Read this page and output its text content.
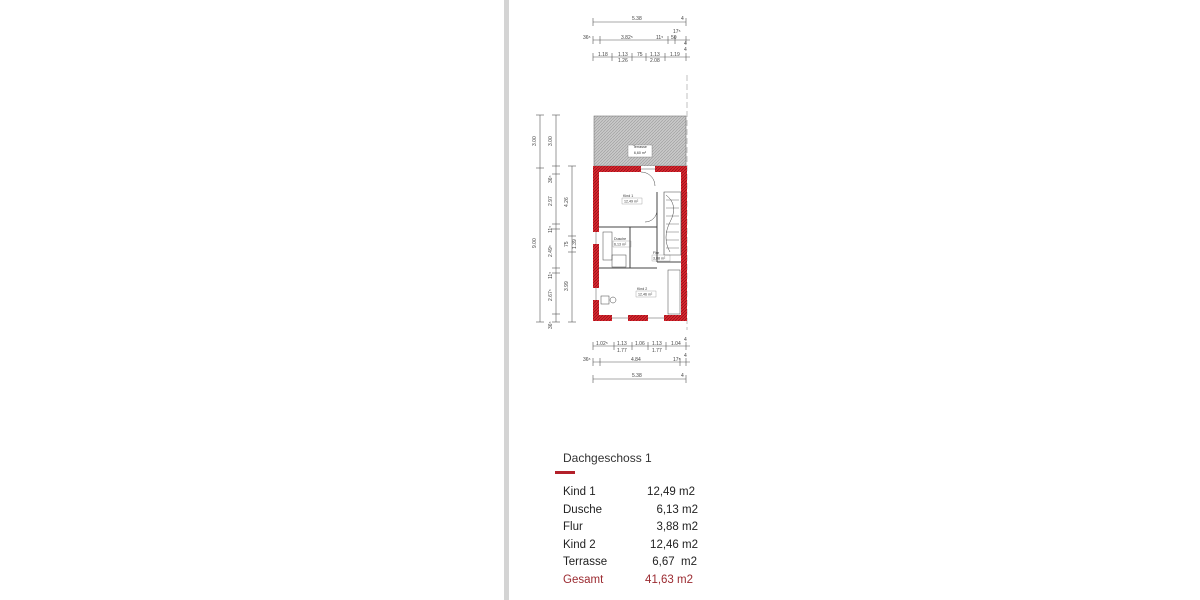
5.38	4
36⁵	3.82⁵	11⁵
17⁵
50
4
1.18 1.13 75 1.13 1.19
4
1.26	2.08
3.00
9.00
3.00
36⁵
2.97
11⁵
2.49⁵
11⁵
2.67⁵
36⁵
4.26
1.39
75
3.99
Terrasse
6,60 m²
Kind 1
12,49 m²
Dusche
6,13 m²
Flur
3,88 m²
Kind 2
12,46 m²
1.02⁵ 1.13 1.06 1.13 1.04
4
1.77	1.77
36⁵	4.84	17⁵
4
5.38	4
Dachgeschoss 1
Kind 1	12,49 m2
Dusche	6,13 m2
Flur	3,88 m2
Kind 2	12,46 m2
Terrasse	6,67  m2
Gesamt	41,63 m2
